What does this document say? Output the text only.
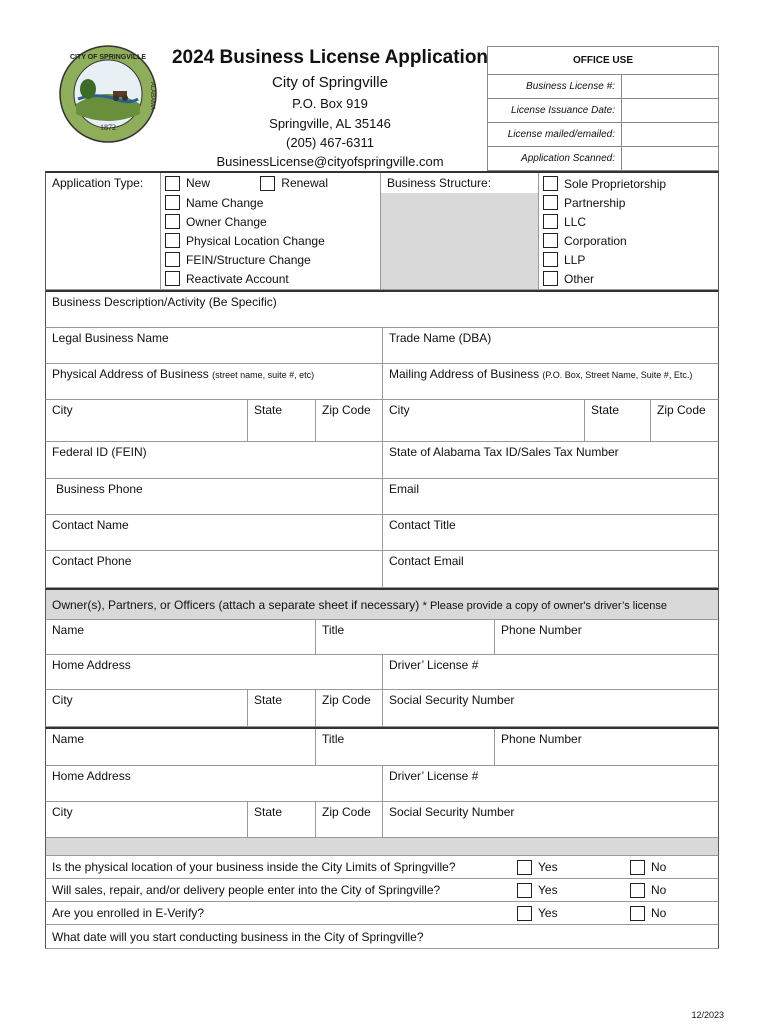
1872
CITY OF SPRINGVILLE
ALABAMA
2024 Business License Application
City of Springville
P.O. Box 919
Springville, AL 35146
(205) 467-6311
BusinessLicense@cityofspringville.com
OFFICE USE	
Business License #:	
License Issuance Date:	
License mailed/emailed:	
Application Scanned:	
Application Type:	New	Renewal
Name Change
Owner Change
Physical Location Change
FEIN/Structure Change
Reactivate Account
Business Structure:	Sole Proprietorship
Partnership
LLC
Corporation
LLP
Other
Business Description/Activity (Be Specific)
Legal Business Name	Trade Name (DBA)
Physical Address of Business (street name, suite #, etc)	Mailing Address of Business (P.O. Box, Street Name, Suite #, Etc.)
City	State	Zip Code	City	State	Zip Code
Federal ID (FEIN)	State of Alabama Tax ID/Sales Tax Number
Business Phone	Email
Contact Name	Contact Title
Contact Phone	Contact Email
Owner(s), Partners, or Officers (attach a separate sheet if necessary) * Please provide a copy of owner's driver’s license
Name	Title	Phone Number
Home Address	Driver’ License #
City	State	Zip Code	Social Security Number
Name	Title	Phone Number
Home Address	Driver’ License #
City	State	Zip Code	Social Security Number
Is the physical location of your business inside the City Limits of Springville?	Yes	No
Will sales, repair, and/or delivery people enter into the City of Springville?	Yes	No
Are you enrolled in E-Verify?	Yes	No
What date will you start conducting business in the City of Springville?
12/2023
